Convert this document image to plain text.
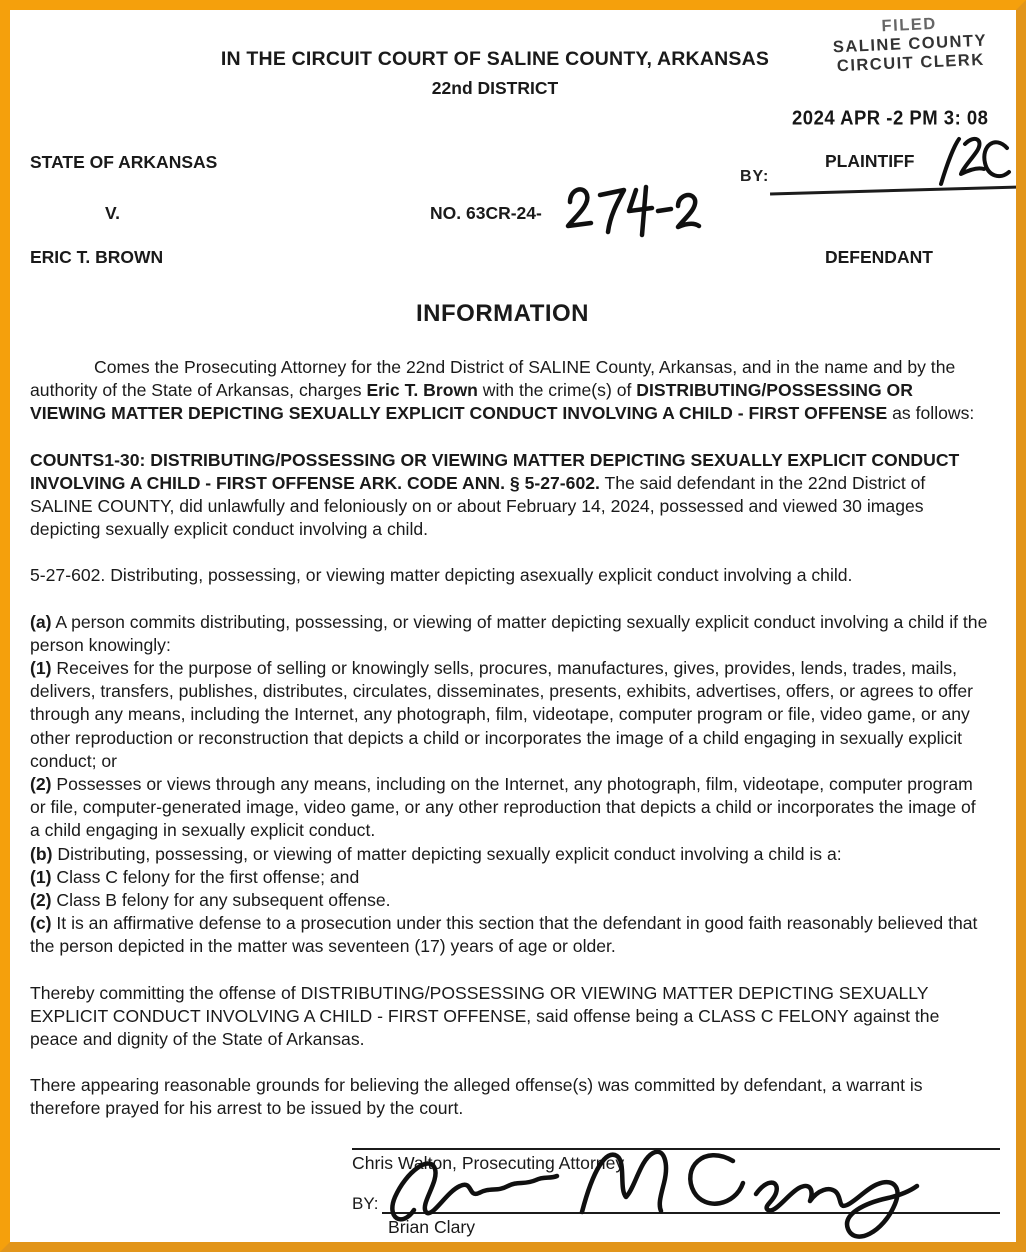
IN THE CIRCUIT COURT OF SALINE COUNTY, ARKANSAS
22nd DISTRICT
FILED
SALINE COUNTY
CIRCUIT CLERK
2024 APR -2 PM 3: 08
BY:
STATE OF ARKANSAS	PLAINTIFF
V.	NO. 63CR-24-
ERIC T. BROWN	DEFENDANT
INFORMATION

Comes the Prosecuting Attorney for the 22nd District of SALINE County, Arkansas, and in the name and by the authority of the State of Arkansas, charges Eric T. Brown with the crime(s) of DISTRIBUTING/POSSESSING OR VIEWING MATTER DEPICTING SEXUALLY EXPLICIT CONDUCT INVOLVING A CHILD - FIRST OFFENSE as follows:

COUNTS1-30: DISTRIBUTING/POSSESSING OR VIEWING MATTER DEPICTING SEXUALLY EXPLICIT CONDUCT INVOLVING A CHILD - FIRST OFFENSE ARK. CODE ANN. § 5-27-602. The said defendant in the 22nd District of SALINE COUNTY, did unlawfully and feloniously on or about February 14, 2024, possessed and viewed 30 images depicting sexually explicit conduct involving a child.

5-27-602. Distributing, possessing, or viewing matter depicting asexually explicit conduct involving a child.

(a) A person commits distributing, possessing, or viewing of matter depicting sexually explicit conduct involving a child if the person knowingly:
(1) Receives for the purpose of selling or knowingly sells, procures, manufactures, gives, provides, lends, trades, mails, delivers, transfers, publishes, distributes, circulates, disseminates, presents, exhibits, advertises, offers, or agrees to offer through any means, including the Internet, any photograph, film, videotape, computer program or file, video game, or any other reproduction or reconstruction that depicts a child or incorporates the image of a child engaging in sexually explicit conduct; or
(2) Possesses or views through any means, including on the Internet, any photograph, film, videotape, computer program or file, computer-generated image, video game, or any other reproduction that depicts a child or incorporates the image of a child engaging in sexually explicit conduct.
(b) Distributing, possessing, or viewing of matter depicting sexually explicit conduct involving a child is a:
(1) Class C felony for the first offense; and
(2) Class B felony for any subsequent offense.
(c) It is an affirmative defense to a prosecution under this section that the defendant in good faith reasonably believed that the person depicted in the matter was seventeen (17) years of age or older.

Thereby committing the offense of DISTRIBUTING/POSSESSING OR VIEWING MATTER DEPICTING SEXUALLY EXPLICIT CONDUCT INVOLVING A CHILD - FIRST OFFENSE, said offense being a CLASS C FELONY against the peace and dignity of the State of Arkansas.

There appearing reasonable grounds for believing the alleged offense(s) was committed by defendant, a warrant is therefore prayed for his arrest to be issued by the court.

Chris Walton, Prosecuting Attorney
BY:
Brian Clary
